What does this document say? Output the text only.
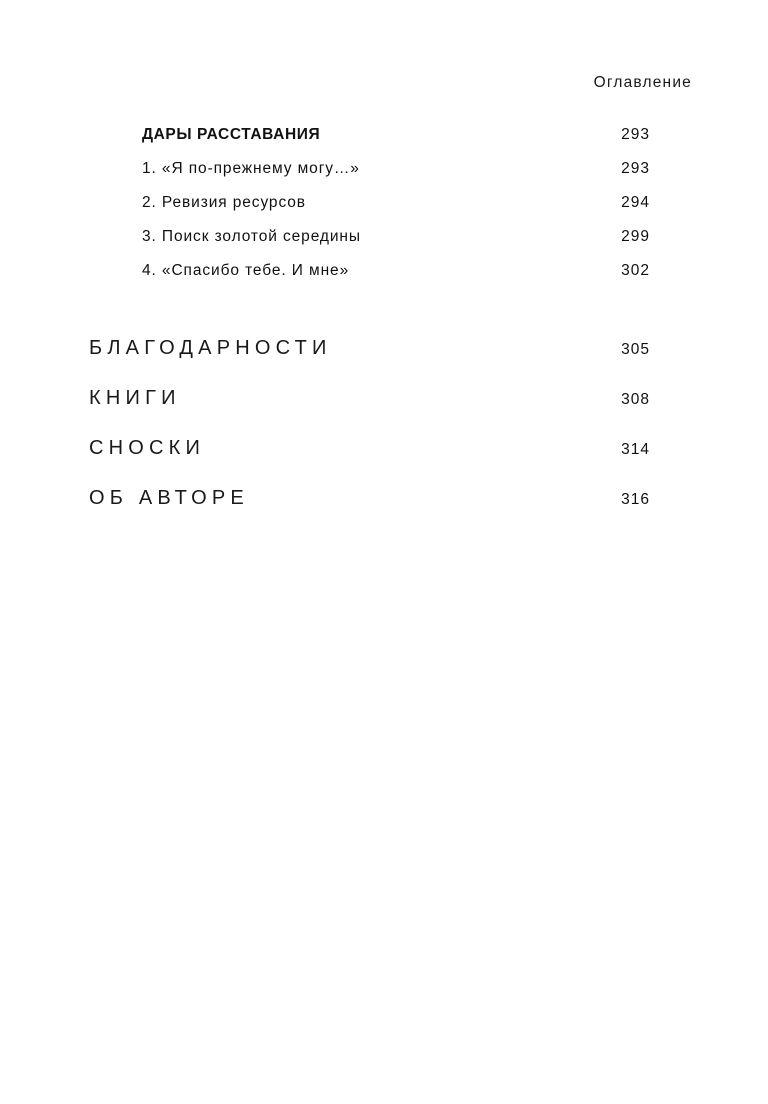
Оглавление
ДАРЫ РАССТАВАНИЯ	293
1. «Я по-прежнему могу…»	293
2. Ревизия ресурсов	294
3. Поиск золотой середины	299
4. «Спасибо тебе. И мне»	302
БЛАГОДАРНОСТИ	305
КНИГИ	308
СНОСКИ	314
ОБ АВТОРЕ	316
